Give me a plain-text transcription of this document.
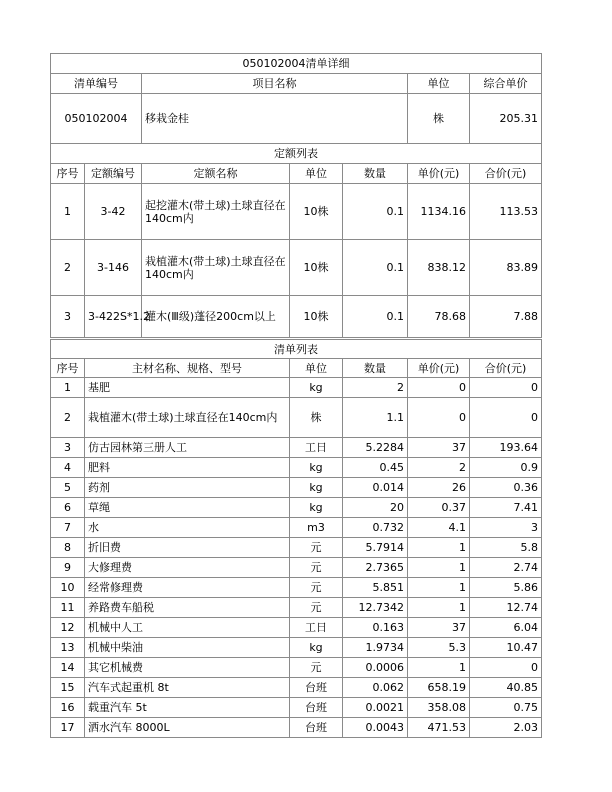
050102004清单详细			
清单编号	项目名称	单位	综合单价
050102004	移栽金桂	株	205.31
定额列表						
序号	定额编号	定额名称	单位	数量	单价(元)	合价(元)
1	3-42	起挖灌木(带土球)土球直径在140cm内	10株	0.1	1134.16	113.53
2	3-146	栽植灌木(带土球)土球直径在140cm内	10株	0.1	838.12	83.89
3	3-422S*1.2	灌木(Ⅲ级)蓬径200cm以上	10株	0.1	78.68	7.88
清单列表					
序号	主材名称、规格、型号	单位	数量	单价(元)	合价(元)
1	基肥	kg	2	0	0
2	栽植灌木(带土球)土球直径在140cm内	株	1.1	0	0
3	仿古园林第三册人工	工日	5.2284	37	193.64
4	肥料	kg	0.45	2	0.9
5	药剂	kg	0.014	26	0.36
6	草绳	kg	20	0.37	7.41
7	水	m3	0.732	4.1	3
8	折旧费	元	5.7914	1	5.8
9	大修理费	元	2.7365	1	2.74
10	经常修理费	元	5.851	1	5.86
11	养路费车船税	元	12.7342	1	12.74
12	机械中人工	工日	0.163	37	6.04
13	机械中柴油	kg	1.9734	5.3	10.47
14	其它机械费	元	0.0006	1	0
15	汽车式起重机 8t	台班	0.062	658.19	40.85
16	载重汽车 5t	台班	0.0021	358.08	0.75
17	洒水汽车 8000L	台班	0.0043	471.53	2.03
